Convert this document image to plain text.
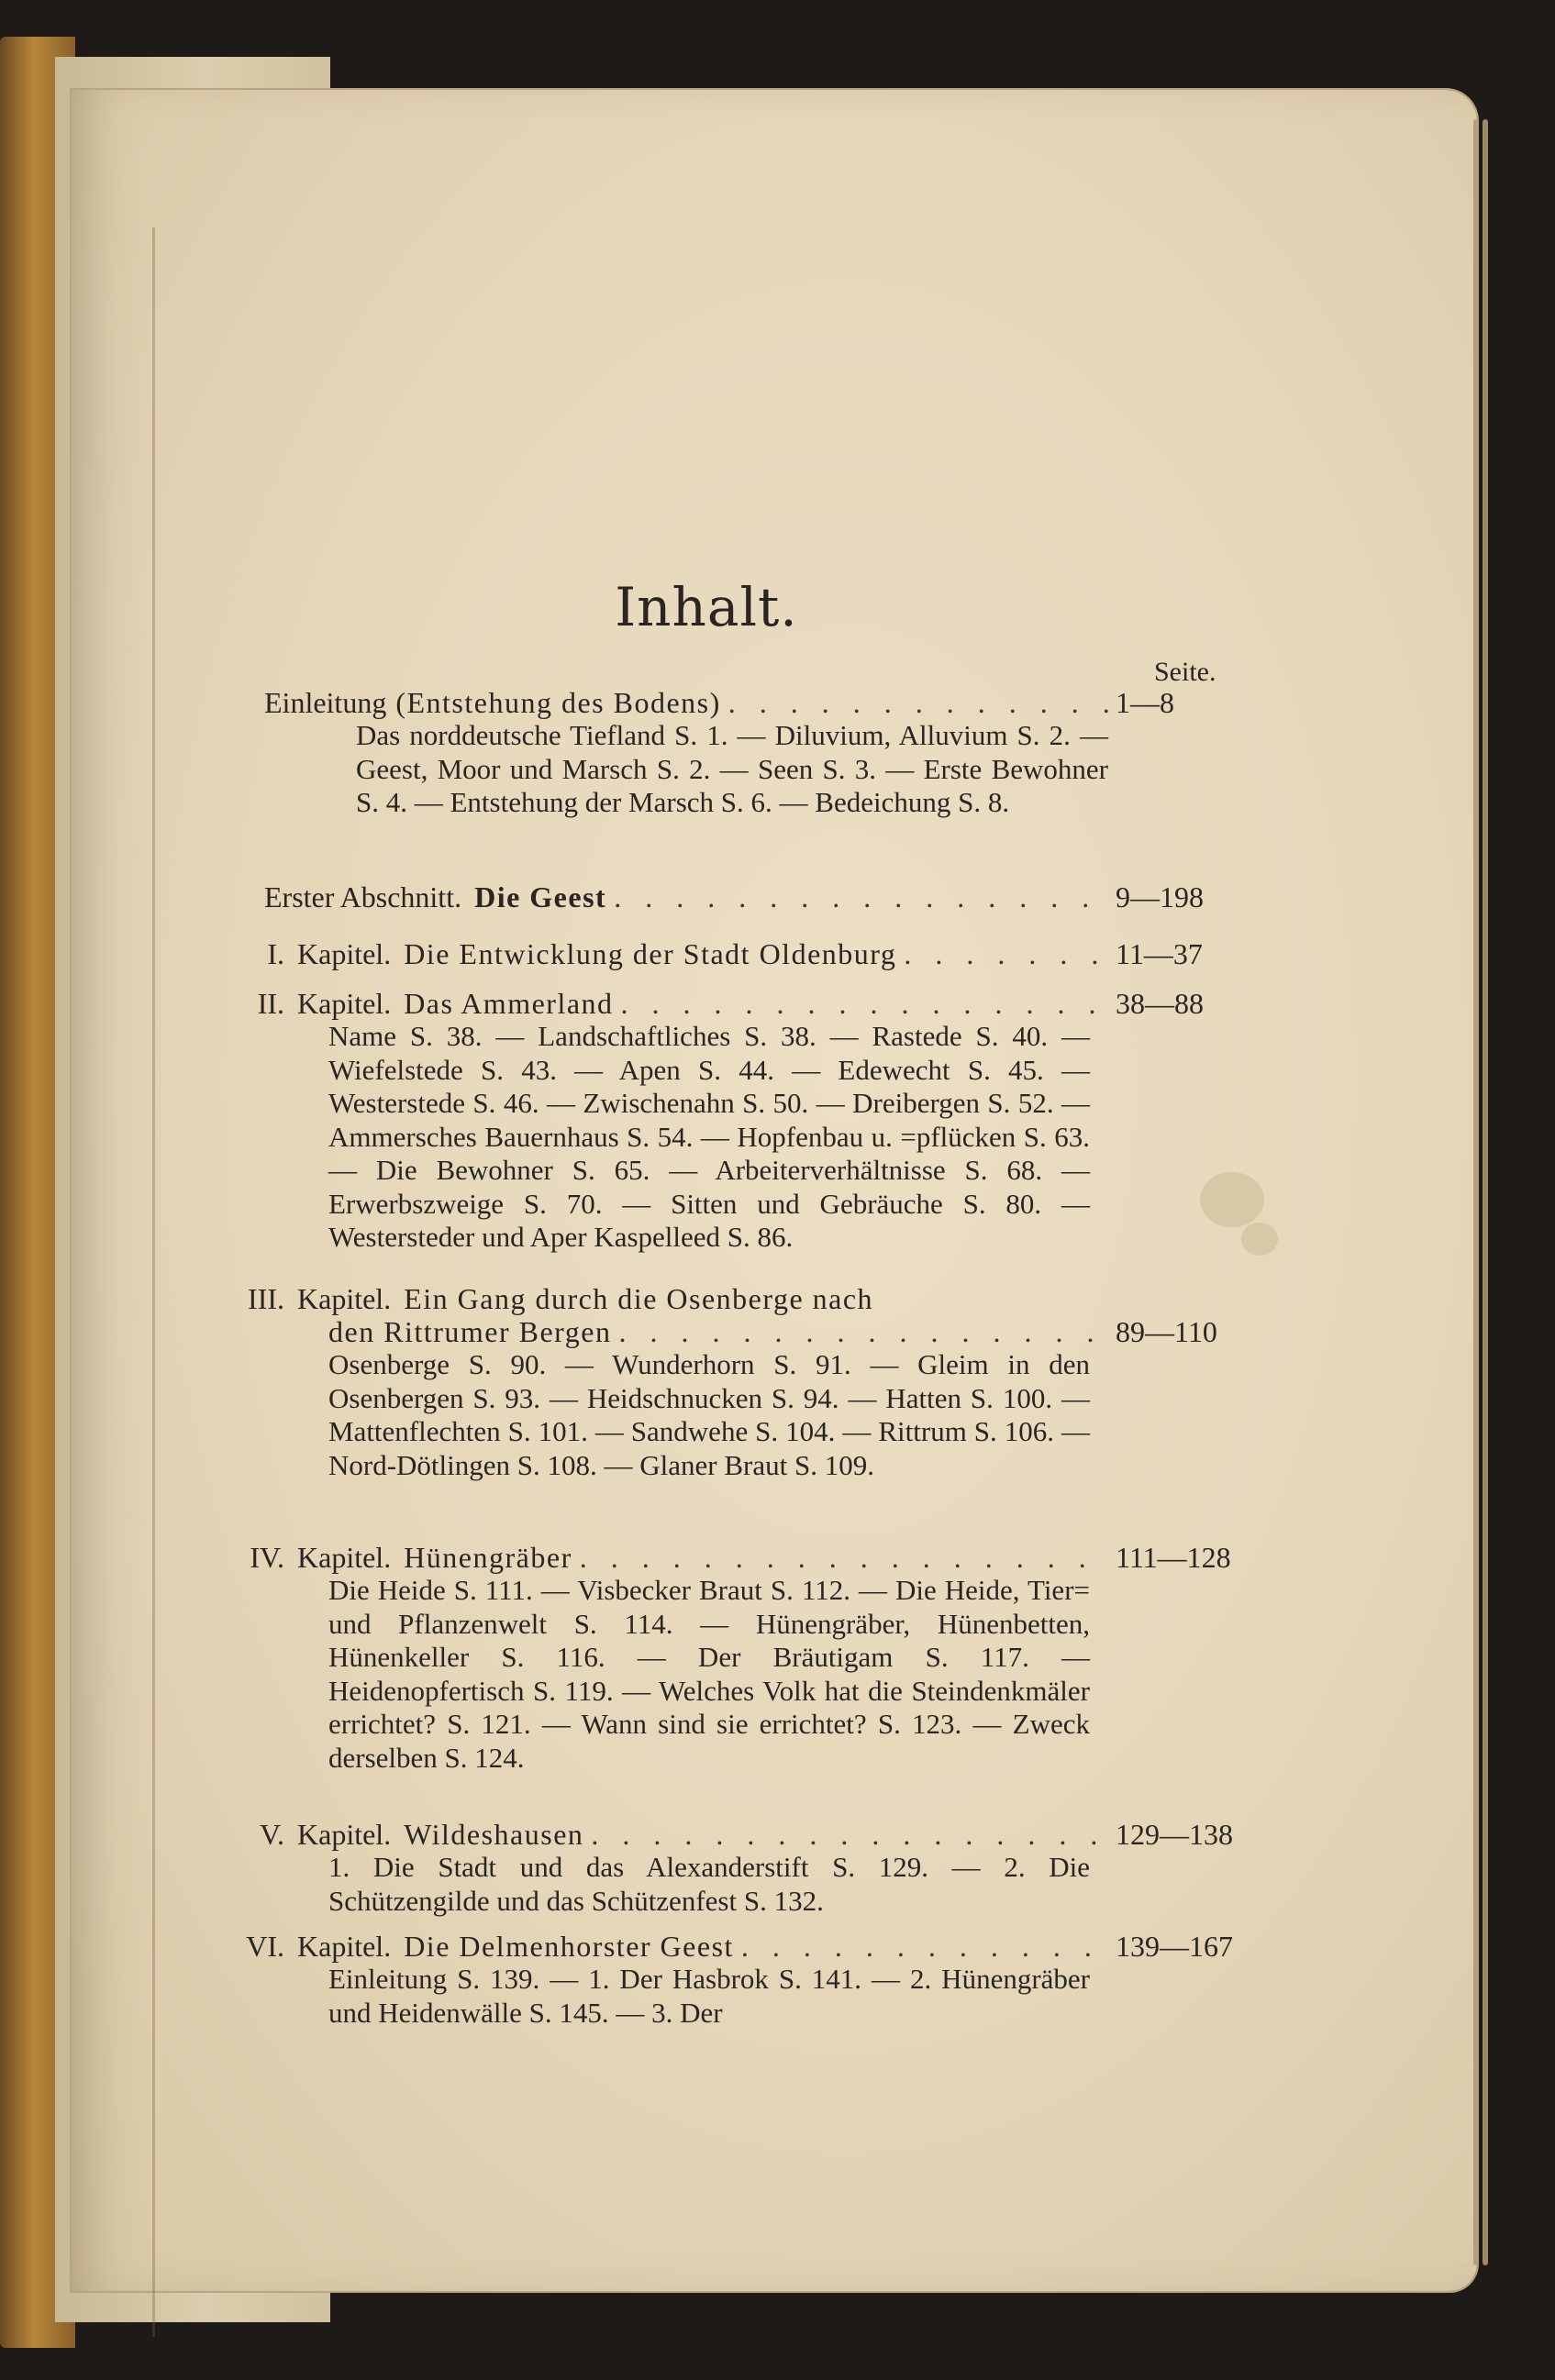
Inhalt.
Seite.
Einleitung (Entstehung des Bodens) . . .	1—8
Das norddeutsche Tiefland S. 1. — Diluvium, Alluvium S. 2. — Geest, Moor und Marsch S. 2. — Seen S. 3. — Erste Bewohner S. 4. — Entstehung der Marsch S. 6. — Bedeichung S. 8.
Erster Abschnitt. Die Geest . . .	9—198
I. Kapitel. Die Entwicklung der Stadt Oldenburg . . .	11—37
II. Kapitel. Das Ammerland . . .	38—88
Name S. 38. — Landschaftliches S. 38. — Rastede S. 40. — Wiefelstede S. 43. — Apen S. 44. — Edewecht S. 45. — Westerstede S. 46. — Zwischenahn S. 50. — Dreibergen S. 52. — Ammersches Bauernhaus S. 54. — Hopfenbau u. =pflücken S. 63. — Die Bewohner S. 65. — Arbeiterverhältnisse S. 68. — Erwerbszweige S. 70. — Sitten und Gebräuche S. 80. — Westersteder und Aper Kaspelleed S. 86.
III. Kapitel. Ein Gang durch die Osenberge nach
den Rittrumer Bergen . . .	89—110
Osenberge S. 90. — Wunderhorn S. 91. — Gleim in den Osenbergen S. 93. — Heidschnucken S. 94. — Hatten S. 100. — Mattenflechten S. 101. — Sandwehe S. 104. — Rittrum S. 106. — Nord-Dötlingen S. 108. — Glaner Braut S. 109.
IV. Kapitel. Hünengräber . . .	111—128
Die Heide S. 111. — Visbecker Braut S. 112. — Die Heide, Tier= und Pflanzenwelt S. 114. — Hünengräber, Hünenbetten, Hünenkeller S. 116. — Der Bräutigam S. 117. — Heidenopfertisch S. 119. — Welches Volk hat die Steindenkmäler errichtet? S. 121. — Wann sind sie errichtet? S. 123. — Zweck derselben S. 124.
V. Kapitel. Wildeshausen . . .	129—138
1. Die Stadt und das Alexanderstift S. 129. — 2. Die Schützengilde und das Schützenfest S. 132.
VI. Kapitel. Die Delmenhorster Geest . . .	139—167
Einleitung S. 139. — 1. Der Hasbrok S. 141. — 2. Hünengräber und Heidenwälle S. 145. — 3. Der
